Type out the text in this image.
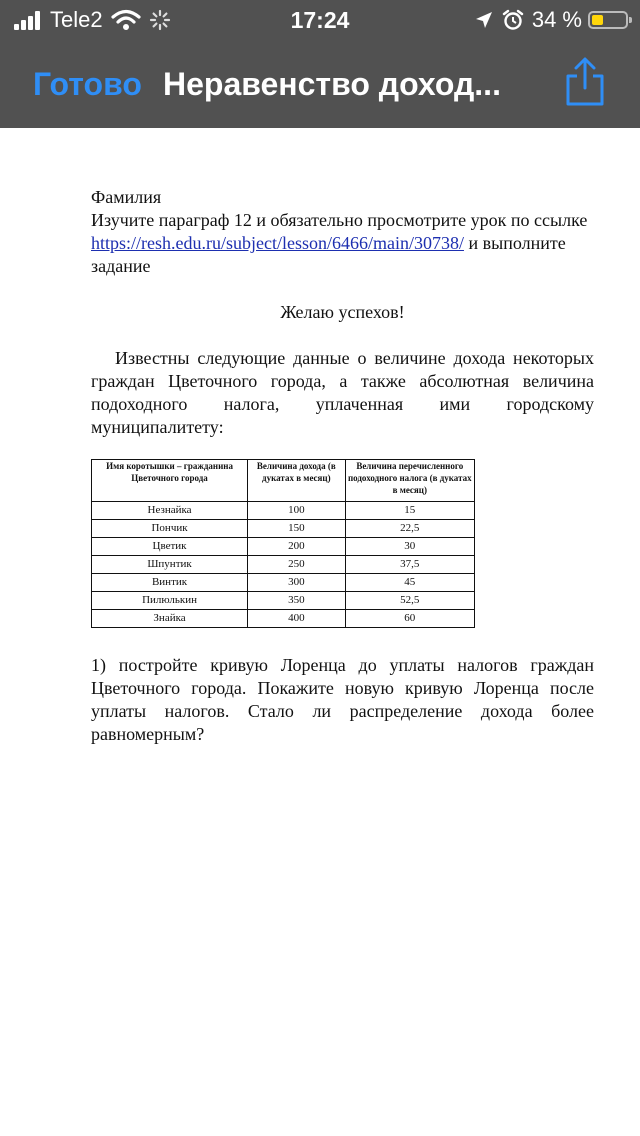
Tele2	17:24	34 %
Готово Неравенство доход...

Фамилия

Изучите параграф 12 и обязательно просмотрите урок по ссылке https://resh.edu.ru/subject/lesson/6466/main/30738/ и выполните задание

Желаю успехов!

Известны следующие данные о величине дохода некоторых граждан Цветочного города, а также абсолютная величина подоходного налога, уплаченная ими городскому муниципалитету:

Имя коротышки – гражданина Цветочного города	Величина дохода (в дукатах в месяц)	Величина перечисленного подоходного налога (в дукатах в месяц)
Незнайка	100	15
Пончик	150	22,5
Цветик	200	30
Шпунтик	250	37,5
Винтик	300	45
Пилюлькин	350	52,5
Знайка	400	60

1) постройте кривую Лоренца до уплаты налогов граждан Цветочного города. Покажите новую кривую Лоренца после уплаты налогов. Стало ли распределение дохода более равномерным?
